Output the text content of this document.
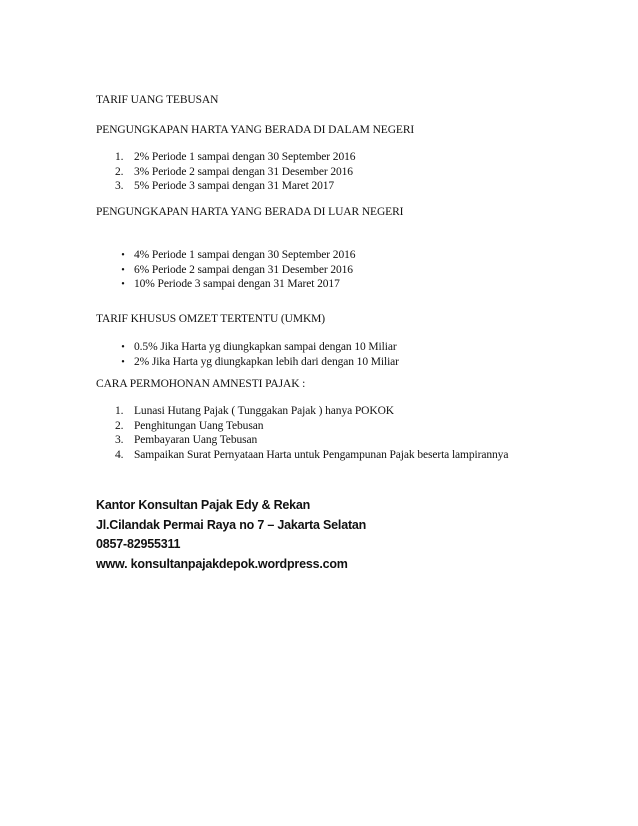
TARIF UANG TEBUSAN

PENGUNGKAPAN HARTA YANG BERADA DI DALAM NEGERI

1. 2% Periode 1 sampai dengan 30 September 2016
2. 3% Periode 2 sampai dengan 31 Desember 2016
3. 5% Periode 3 sampai dengan 31 Maret 2017

PENGUNGKAPAN HARTA YANG BERADA DI LUAR NEGERI

• 4% Periode 1 sampai dengan 30 September 2016
• 6% Periode 2 sampai dengan 31 Desember 2016
• 10% Periode 3 sampai dengan 31 Maret 2017

TARIF KHUSUS OMZET TERTENTU (UMKM)

• 0.5% Jika Harta yg diungkapkan sampai dengan 10 Miliar
• 2% Jika Harta yg diungkapkan lebih dari dengan 10 Miliar

CARA PERMOHONAN AMNESTI PAJAK :

1. Lunasi Hutang Pajak ( Tunggakan Pajak ) hanya POKOK
2. Penghitungan Uang Tebusan
3. Pembayaran Uang Tebusan
4. Sampaikan Surat Pernyataan Harta untuk Pengampunan Pajak beserta lampirannya
Kantor Konsultan Pajak Edy & Rekan
Jl.Cilandak Permai Raya no 7 – Jakarta Selatan
0857-82955311
www. konsultanpajakdepok.wordpress.com
